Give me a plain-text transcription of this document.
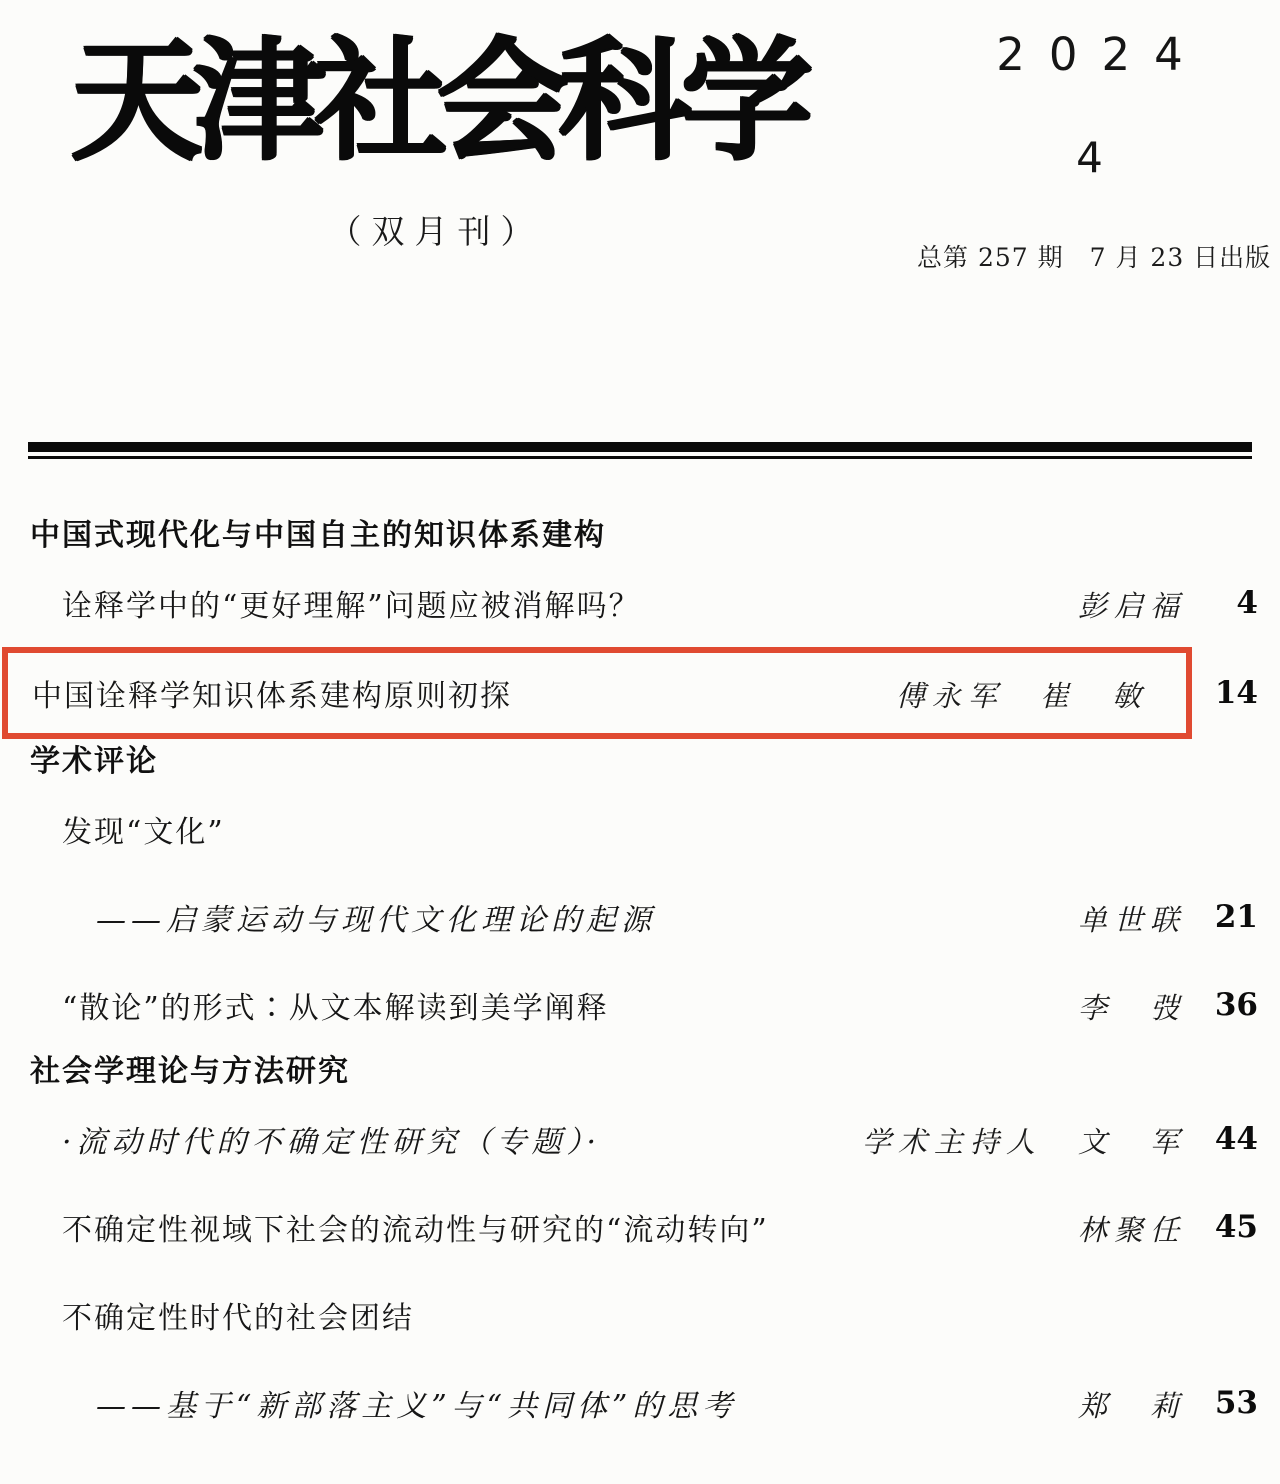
天津社会科学
（双月刊）
2024
4
总第 257 期　7 月 23 日出版
中国式现代化与中国自主的知识体系建构
诠释学中的“更好理解”问题应被消解吗？	彭启福	4
中国诠释学知识体系建构原则初探	傅永军　崔　敏	14
学术评论
发现“文化”
——启蒙运动与现代文化理论的起源	单世联 21
“散论”的形式∶从文本解读到美学阐释	李　弢 36
社会学理论与方法研究
·流动时代的不确定性研究（专题）·	学术主持人　文　军 44
不确定性视域下社会的流动性与研究的“流动转向”	林聚任 45
不确定性时代的社会团结
——基于“新部落主义”与“共同体”的思考	郑　莉 53
